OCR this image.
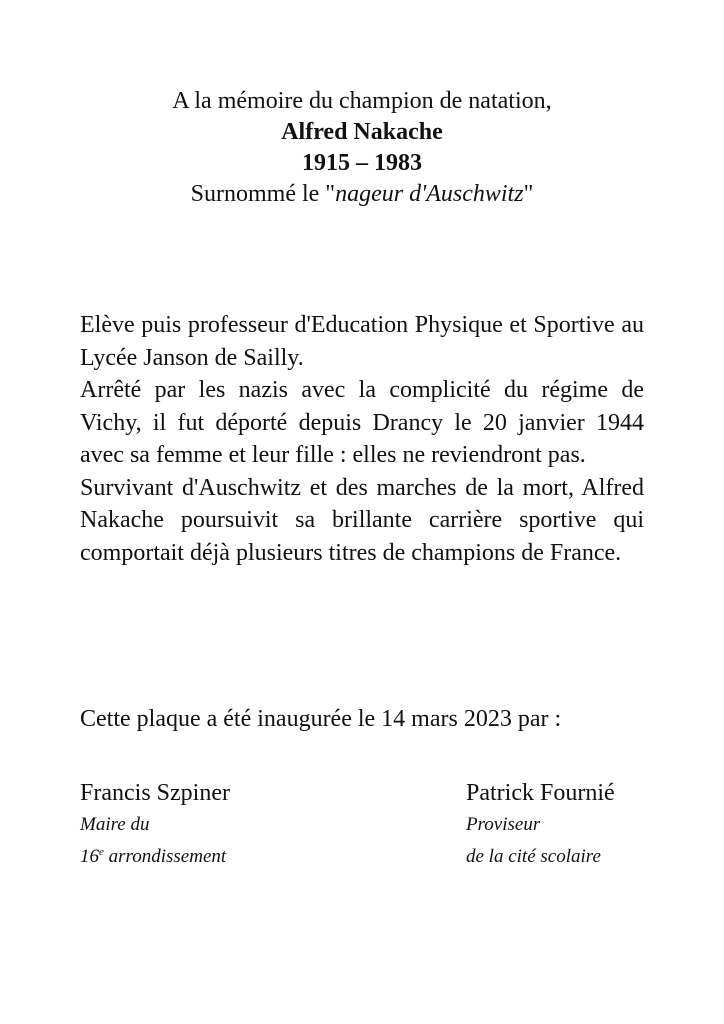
A la mémoire du champion de natation,
Alfred Nakache
1915 – 1983
Surnommé le "nageur d'Auschwitz"

Elève puis professeur d'Education Physique et Sportive au Lycée Janson de Sailly.

Arrêté par les nazis avec la complicité du régime de Vichy, il fut déporté depuis Drancy le 20 janvier 1944 avec sa femme et leur fille : elles ne reviendront pas.

Survivant d'Auschwitz et des marches de la mort, Alfred Nakache poursuivit sa brillante carrière sportive qui comportait déjà plusieurs titres de champions de France.

Cette plaque a été inaugurée le 14 mars 2023 par :
Francis Szpiner
Maire du
16e arrondissement
Patrick Fournié
Proviseur
de la cité scolaire
